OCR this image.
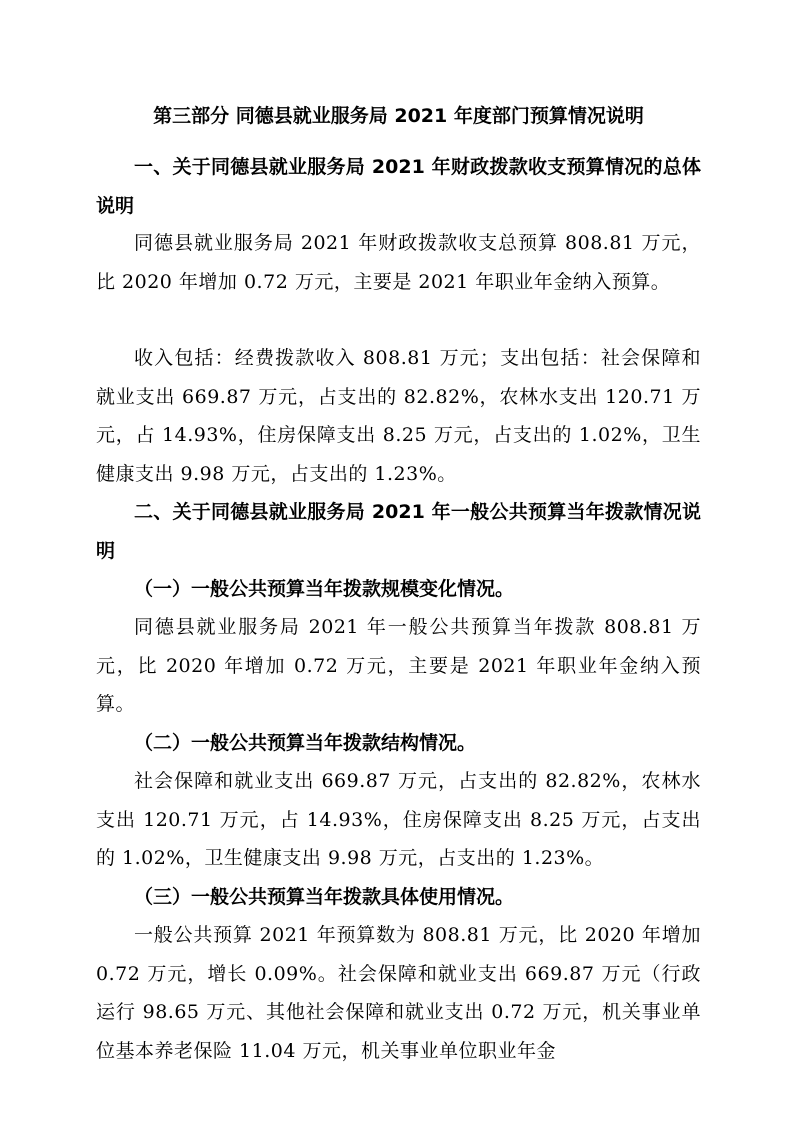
第三部分 同德县就业服务局 2021 年度部门预算情况说明

一、关于同德县就业服务局 2021 年财政拨款收支预算情况的总体说明

同德县就业服务局 2021 年财政拨款收支总预算 808.81 万元，比 2020 年增加 0.72 万元，主要是 2021 年职业年金纳入预算。

收入包括：经费拨款收入 808.81 万元；支出包括：社会保障和就业支出 669.87 万元，占支出的 82.82%，农林水支出 120.71 万元，占 14.93%，住房保障支出 8.25 万元，占支出的 1.02%，卫生健康支出 9.98 万元，占支出的 1.23%。

二、关于同德县就业服务局 2021 年一般公共预算当年拨款情况说明

（一）一般公共预算当年拨款规模变化情况。

同德县就业服务局 2021 年一般公共预算当年拨款 808.81 万元，比 2020 年增加 0.72 万元，主要是 2021 年职业年金纳入预算。

（二）一般公共预算当年拨款结构情况。

社会保障和就业支出 669.87 万元，占支出的 82.82%，农林水支出 120.71 万元，占 14.93%，住房保障支出 8.25 万元，占支出的 1.02%，卫生健康支出 9.98 万元，占支出的 1.23%。

（三）一般公共预算当年拨款具体使用情况。

一般公共预算 2021 年预算数为 808.81 万元，比 2020 年增加 0.72 万元，增长 0.09%。社会保障和就业支出 669.87 万元（行政运行 98.65 万元、其他社会保障和就业支出 0.72 万元，机关事业单位基本养老保险 11.04 万元，机关事业单位职业年金
